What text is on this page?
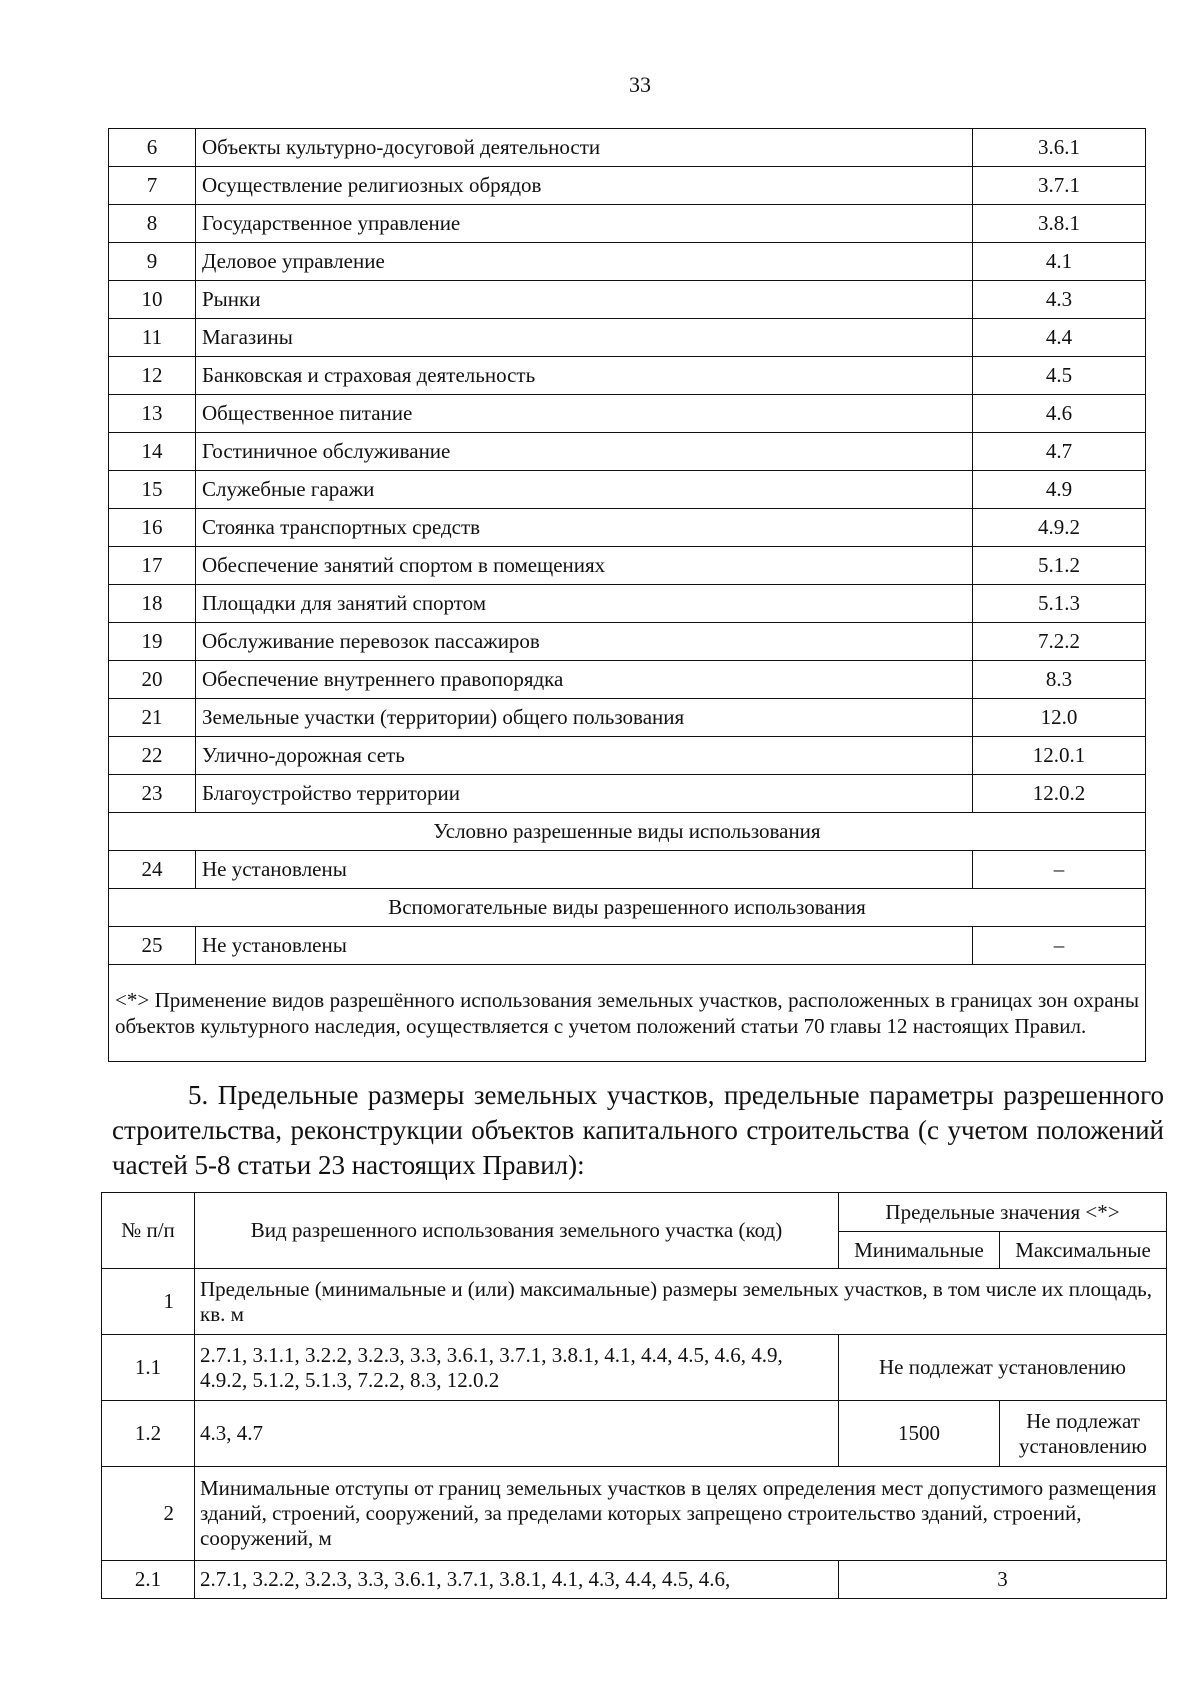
33
6	Объекты культурно-досуговой деятельности	3.6.1
7	Осуществление религиозных обрядов	3.7.1
8	Государственное управление	3.8.1
9	Деловое управление	4.1
10	Рынки	4.3
11	Магазины	4.4
12	Банковская и страховая деятельность	4.5
13	Общественное питание	4.6
14	Гостиничное обслуживание	4.7
15	Служебные гаражи	4.9
16	Стоянка транспортных средств	4.9.2
17	Обеспечение занятий спортом в помещениях	5.1.2
18	Площадки для занятий спортом	5.1.3
19	Обслуживание перевозок пассажиров	7.2.2
20	Обеспечение внутреннего правопорядка	8.3
21	Земельные участки (территории) общего пользования	12.0
22	Улично-дорожная сеть	12.0.1
23	Благоустройство территории	12.0.2
Условно разрешенные виды использования		
24	Не установлены	–
Вспомогательные виды разрешенного использования		
25	Не установлены	–
<*> Применение видов разрешённого использования земельных участков, расположенных в границах зон охраны объектов культурного наследия, осуществляется с учетом положений статьи 70 главы 12 настоящих Правил.		
5. Предельные размеры земельных участков, предельные параметры разрешенного строительства, реконструкции объектов капитального строительства (с учетом положений частей 5-8 статьи 23 настоящих Правил):
№ п/п	Вид разрешенного использования земельного участка (код)	Предельные значения <*>	
		Минимальные	Максимальные
1	Предельные (минимальные и (или) максимальные) размеры земельных участков, в том числе их площадь, кв. м		
1.1	2.7.1, 3.1.1, 3.2.2, 3.2.3, 3.3, 3.6.1, 3.7.1, 3.8.1, 4.1, 4.4, 4.5, 4.6, 4.9, 4.9.2, 5.1.2, 5.1.3, 7.2.2, 8.3, 12.0.2	Не подлежат установлению	
1.2	4.3, 4.7	1500	Не подлежат установлению
2	Минимальные отступы от границ земельных участков в целях определения мест допустимого размещения зданий, строений, сооружений, за пределами которых запрещено строительство зданий, строений, сооружений, м		
2.1	2.7.1, 3.2.2, 3.2.3, 3.3, 3.6.1, 3.7.1, 3.8.1, 4.1, 4.3, 4.4, 4.5, 4.6,	3	
